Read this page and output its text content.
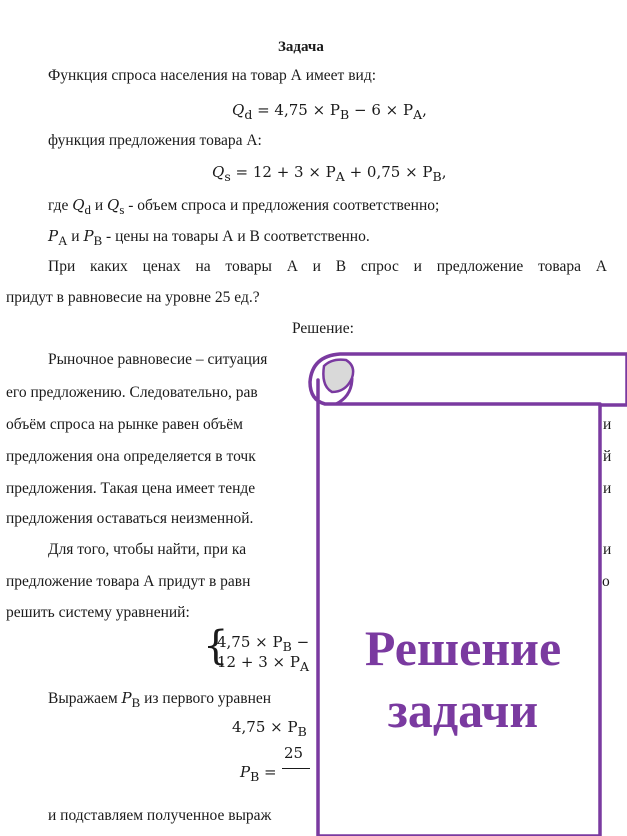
Задача
Функция спроса населения на товар А имеет вид:
$Q_d = 4,75 \times P_B - 6 \times P_A$,
функция предложения товара А:
$Q_s = 12 + 3 \times P_A + 0,75 \times P_B$,
где $Q_d$ и $Q_s$ - объем спроса и предложения соответственно;
$P_A$ и $P_B$ - цены на товары А и В соответственно.
При каких ценах на товары А и В спрос и предложение товара А
придут в равновесие на уровне 25 ед.?
Решение:
Рыночное равновесие – ситуация
его предложению. Следовательно, рав
объём спроса на рынке равен объём	и
предложения она определяется в точк	й
предложения. Такая цена имеет тенде	и
предложения оставаться неизменной.
Для того, чтобы найти, при ка	и
предложение товара А придут в равн	о
решить систему уравнений:
{
$4,75 \times P_B$ −
$12 + 3 \times P_A$
Выражаем $P_B$ из первого уравнен
$4,75 \times P_B$
$P_B$ =
25
и подставляем полученное выраж
Решение
задачи
